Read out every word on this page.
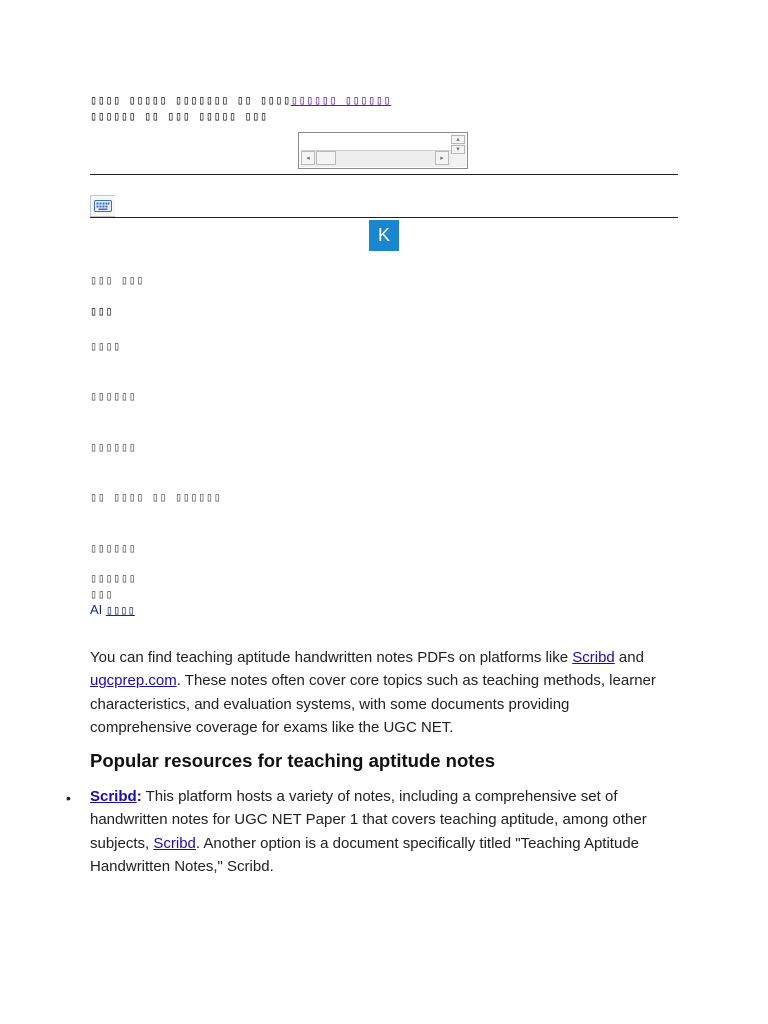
▯▯▯▯ ▯▯▯▯▯ ▯▯▯▯▯▯▯ ▯▯ ▯▯▯▯▯▯▯▯▯▯ ▯▯▯▯▯▯
▯▯▯▯▯▯ ▯▯ ▯▯▯ ▯▯▯▯▯ ▯▯▯
▴
▾
◂	▸
K
▯▯▯ ▯▯▯
▯▯▯
▯▯▯▯
▯▯▯▯▯▯
▯▯▯▯▯▯
▯▯ ▯▯▯▯ ▯▯ ▯▯▯▯▯▯
▯▯▯▯▯▯
▯▯▯▯▯▯
▯▯▯
AI ▯▯▯▯
You can find teaching aptitude handwritten notes PDFs on platforms like Scribd and ugcprep.com. These notes often cover core topics such as teaching methods, learner characteristics, and evaluation systems, with some documents providing comprehensive coverage for exams like the UGC NET.
Popular resources for teaching aptitude notes
• Scribd: This platform hosts a variety of notes, including a comprehensive set of handwritten notes for UGC NET Paper 1 that covers teaching aptitude, among other subjects, Scribd. Another option is a document specifically titled "Teaching Aptitude Handwritten Notes," Scribd.
